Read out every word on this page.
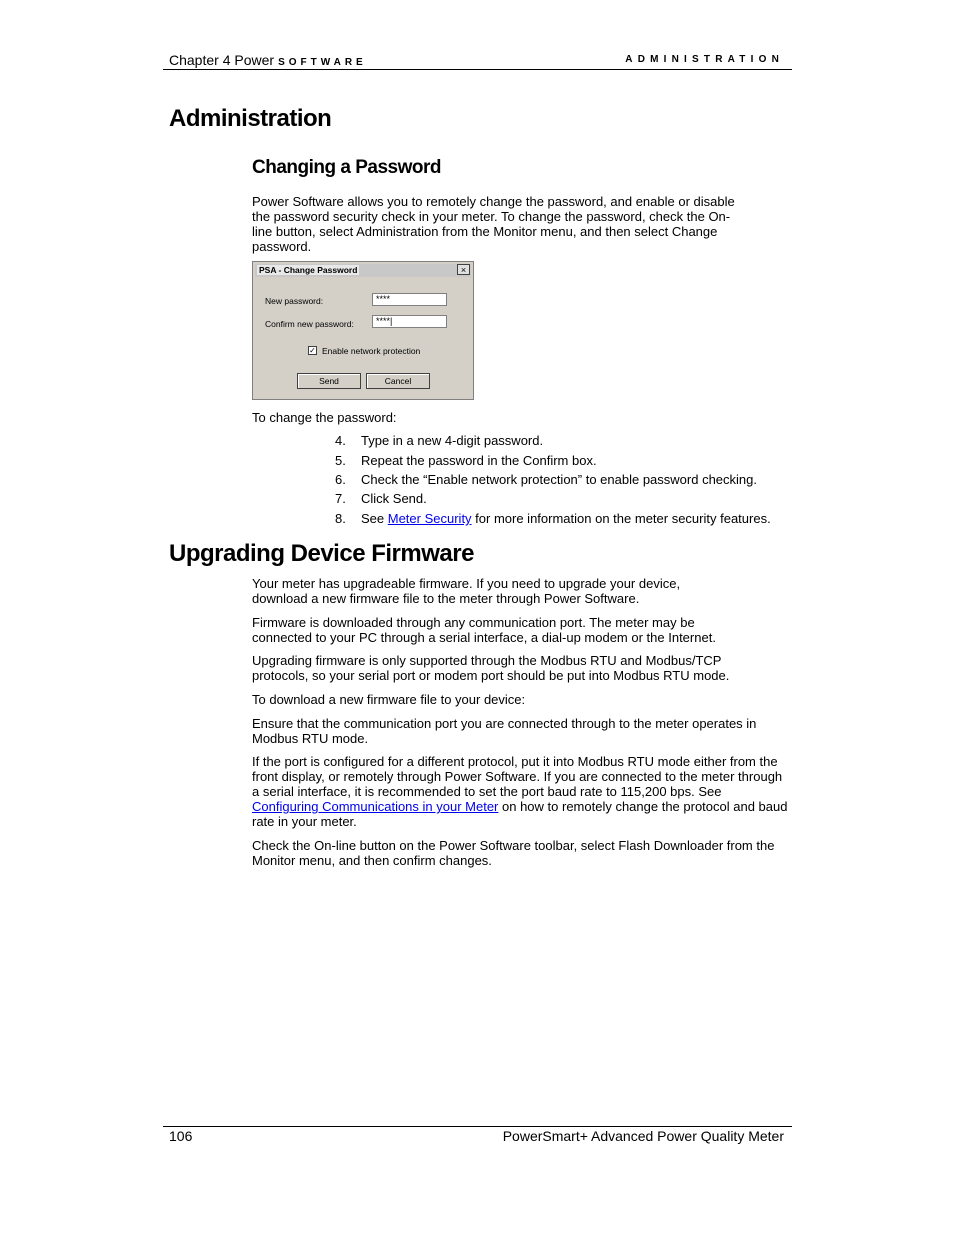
Chapter 4 Power SOFTWARE	ADMINISTRATION
Administration
Changing a Password

Power Software allows you to remotely change the password, and enable or disable the password security check in your meter. To change the password, check the On-line button, select Administration from the Monitor menu, and then select Change password.

PSA - Change Password	×
New password:	****
Confirm new password:	****|
✓ Enable network protection
Send	Cancel

To change the password:

4. Type in a new 4-digit password.
5. Repeat the password in the Confirm box.
6. Check the “Enable network protection” to enable password checking.
7. Click Send.
8. See Meter Security for more information on the meter security features.
Upgrading Device Firmware

Your meter has upgradeable firmware. If you need to upgrade your device, download a new firmware file to the meter through Power Software.

Firmware is downloaded through any communication port. The meter may be connected to your PC through a serial interface, a dial-up modem or the Internet.

Upgrading firmware is only supported through the Modbus RTU and Modbus/TCP protocols, so your serial port or modem port should be put into Modbus RTU mode.

To download a new firmware file to your device:

Ensure that the communication port you are connected through to the meter operates in Modbus RTU mode.

If the port is configured for a different protocol, put it into Modbus RTU mode either from the front display, or remotely through Power Software. If you are connected to the meter through a serial interface, it is recommended to set the port baud rate to 115,200 bps. See Configuring Communications in your Meter on how to remotely change the protocol and baud rate in your meter.

Check the On-line button on the Power Software toolbar, select Flash Downloader from the Monitor menu, and then confirm changes.

106	PowerSmart+ Advanced Power Quality Meter
